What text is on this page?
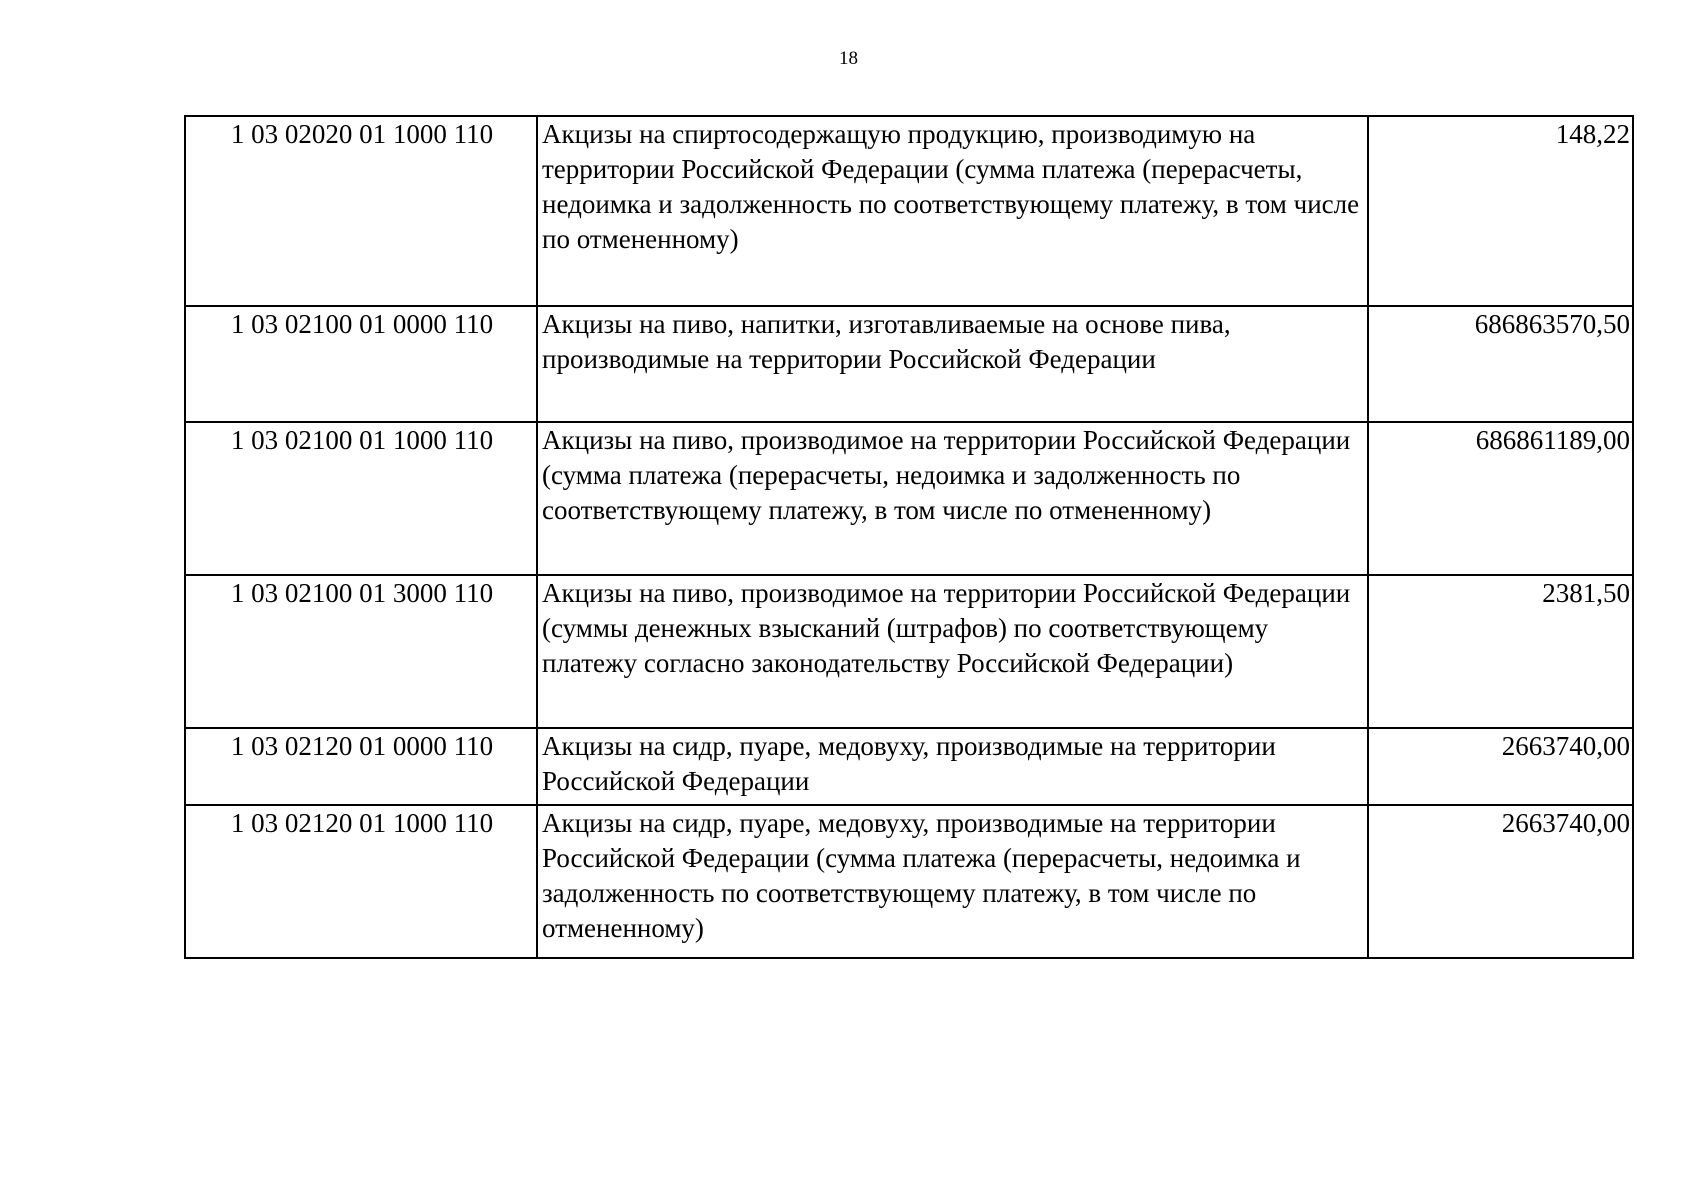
18
1 03 02020 01 1000 110	Акцизы на спиртосодержащую продукцию, производимую на территории Российской Федерации (сумма платежа (перерасчеты, недоимка и задолженность по соответствующему платежу, в том числе по отмененному)	148,22
1 03 02100 01 0000 110	Акцизы на пиво, напитки, изготавливаемые на основе пива, производимые на территории Российской Федерации	686863570,50
1 03 02100 01 1000 110	Акцизы на пиво, производимое на территории Российской Федерации (сумма платежа (перерасчеты, недоимка и задолженность по соответствующему платежу, в том числе по отмененному)	686861189,00
1 03 02100 01 3000 110	Акцизы на пиво, производимое на территории Российской Федерации (суммы денежных взысканий (штрафов) по соответствующему платежу согласно законодательству Российской Федерации)	2381,50
1 03 02120 01 0000 110	Акцизы на сидр, пуаре, медовуху, производимые на территории Российской Федерации	2663740,00
1 03 02120 01 1000 110	Акцизы на сидр, пуаре, медовуху, производимые на территории Российской Федерации (сумма платежа (перерасчеты, недоимка и задолженность по соответствующему платежу, в том числе по отмененному)	2663740,00
